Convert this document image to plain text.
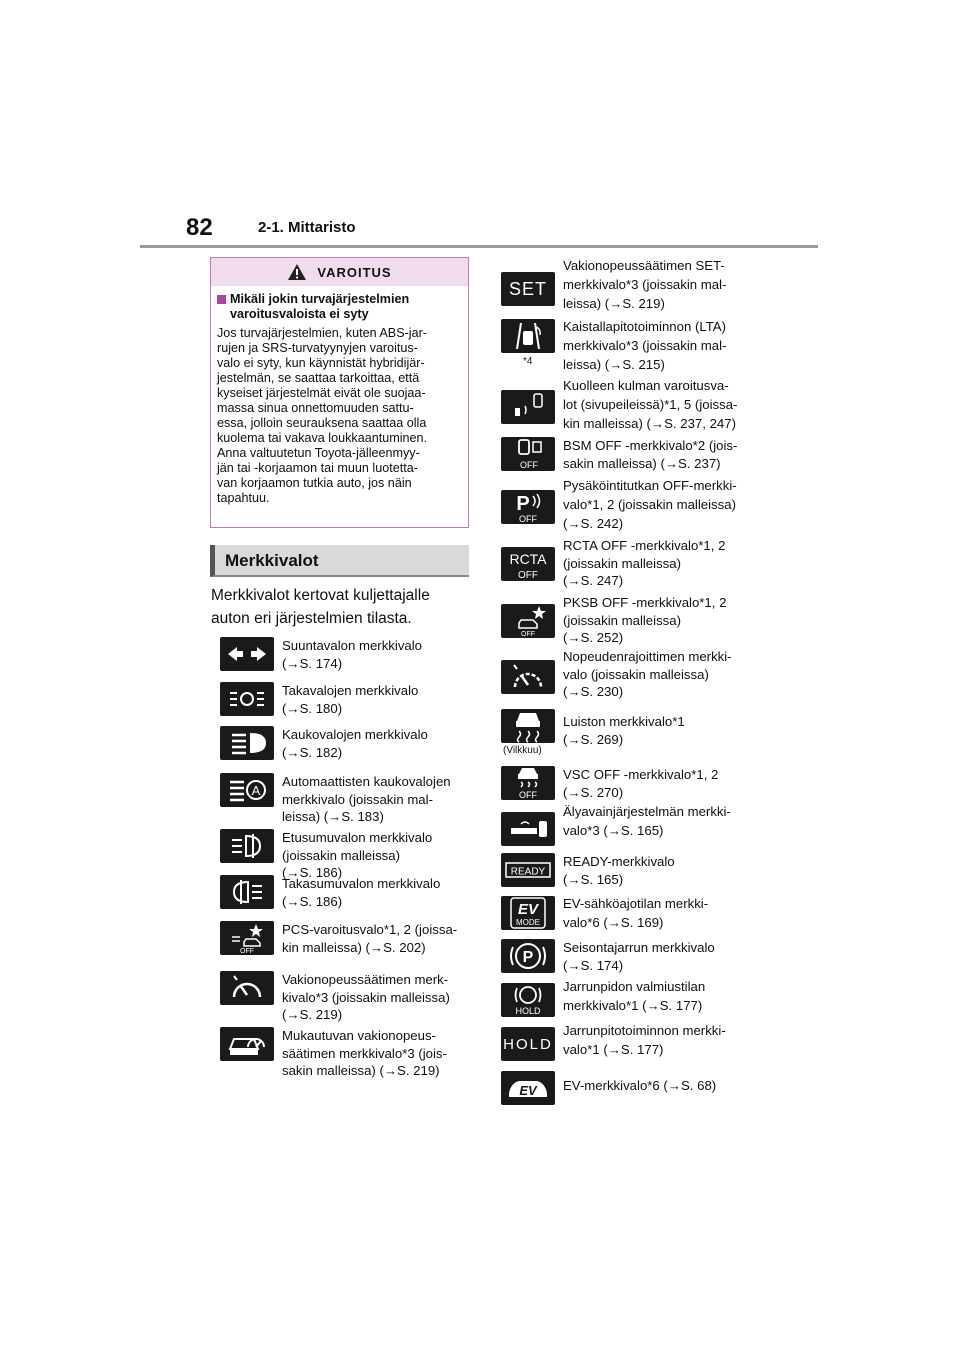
82	2-1. Mittaristo
VAROITUS
Mikäli jokin turvajärjestelmien varoitusvaloista ei syty
Jos turvajärjestelmien, kuten ABS-jar-
rujen ja SRS-turvatyynyjen varoitus-
valo ei syty, kun käynnistät hybridijär-
jestelmän, se saattaa tarkoittaa, että
kyseiset järjestelmät eivät ole suojaa-
massa sinua onnettomuuden sattu-
essa, jolloin seurauksena saattaa olla
kuolema tai vakava loukkaantuminen.
Anna valtuutetun Toyota-jälleenmyy-
jän tai -korjaamon tai muun luotetta-
van korjaamon tutkia auto, jos näin
tapahtuu.
Merkkivalot
Merkkivalot kertovat kuljettajalle
auton eri järjestelmien tilasta.
Suuntavalon merkkivalo
(→S. 174)
Takavalojen merkkivalo
(→S. 180)
Kaukovalojen merkkivalo
(→S. 182)
A
Automaattisten kaukovalojen
merkkivalo (joissakin mal-
leissa) (→S. 183)
Etusumuvalon merkkivalo
(joissakin malleissa)
(→S. 186)
Takasumuvalon merkkivalo
(→S. 186)
OFF
PCS-varoitusvalo*1, 2 (joissa-
kin malleissa) (→S. 202)
Vakionopeussäätimen merk-
kivalo*3 (joissakin malleissa)
(→S. 219)
Mukautuvan vakionopeus-
säätimen merkkivalo*3 (jois-
sakin malleissa) (→S. 219)
SET
Vakionopeussäätimen SET-
merkkivalo*3 (joissakin mal-
leissa) (→S. 219)
Kaistallapitotoiminnon (LTA)
merkkivalo*3 (joissakin mal-
leissa) (→S. 215)
*4
Kuolleen kulman varoitusva-
lot (sivupeileissä)*1, 5 (joissa-
kin malleissa) (→S. 237, 247)
OFF
BSM OFF -merkkivalo*2 (jois-
sakin malleissa) (→S. 237)
P
OFF
Pysäköintitutkan OFF-merkki-
valo*1, 2 (joissakin malleissa)
(→S. 242)
RCTA
OFF
RCTA OFF -merkkivalo*1, 2
(joissakin malleissa)
(→S. 247)
OFF
PKSB OFF -merkkivalo*1, 2
(joissakin malleissa)
(→S. 252)
Nopeudenrajoittimen merkki-
valo (joissakin malleissa)
(→S. 230)
Luiston merkkivalo*1
(→S. 269)
(Vilkkuu)
OFF
VSC OFF -merkkivalo*1, 2
(→S. 270)
Älyavainjärjestelmän merkki-
valo*3 (→S. 165)
READY
READY-merkkivalo
(→S. 165)
EV
MODE
EV-sähköajotilan merkki-
valo*6 (→S. 169)
P
Seisontajarrun merkkivalo
(→S. 174)
HOLD
Jarrunpidon valmiustilan
merkkivalo*1 (→S. 177)
HOLD
Jarrunpitotoiminnon merkki-
valo*1 (→S. 177)
EV EV-merkkivalo*6 (→S. 68)
